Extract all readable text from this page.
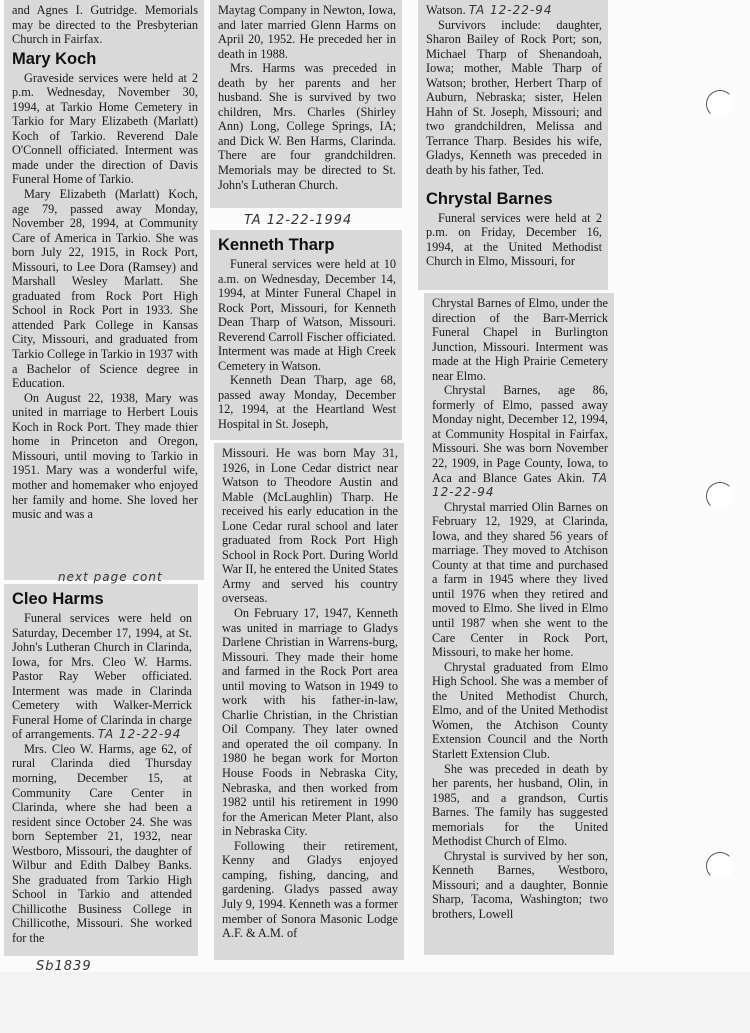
and Agnes I. Gutridge. Memorials may be directed to the Presbyterian Church in Fairfax.

Mary Koch

Graveside services were held at 2 p.m. Wednesday, November 30, 1994, at Tarkio Home Cemetery in Tarkio for Mary Elizabeth (Marlatt) Koch of Tarkio. Reverend Dale O'Connell officiated. Interment was made under the direction of Davis Funeral Home of Tarkio.

Mary Elizabeth (Marlatt) Koch, age 79, passed away Monday, November 28, 1994, at Community Care of America in Tarkio. She was born July 22, 1915, in Rock Port, Missouri, to Lee Dora (Ramsey) and Marshall Wesley Marlatt. She graduated from Rock Port High School in Rock Port in 1933. She attended Park College in Kansas City, Missouri, and graduated from Tarkio College in Tarkio in 1937 with a Bachelor of Science degree in Education.

On August 22, 1938, Mary was united in marriage to Herbert Louis Koch in Rock Port. They made thier home in Princeton and Oregon, Missouri, until moving to Tarkio in 1951. Mary was a wonderful wife, mother and homemaker who enjoyed her family and home. She loved her music and was a

next page cont
Cleo Harms

Funeral services were held on Saturday, December 17, 1994, at St. John's Lutheran Church in Clarinda, Iowa, for Mrs. Cleo W. Harms. Pastor Ray Weber officiated. Interment was made in Clarinda Cemetery with Walker-Merrick Funeral Home of Clarinda in charge of arrangements. TA 12-22-94

Mrs. Cleo W. Harms, age 62, of rural Clarinda died Thursday morning, December 15, at Community Care Center in Clarinda, where she had been a resident since October 24. She was born September 21, 1932, near Westboro, Missouri, the daughter of Wilbur and Edith Dalbey Banks. She graduated from Tarkio High School in Tarkio and attended Chillicothe Business College in Chillicothe, Missouri. She worked for the

Sb1839

Maytag Company in Newton, Iowa, and later married Glenn Harms on April 20, 1952. He preceded her in death in 1988.

Mrs. Harms was preceded in death by her parents and her husband. She is survived by two children, Mrs. Charles (Shirley Ann) Long, College Springs, IA; and Dick W. Ben Harms, Clarinda. There are four grandchildren. Memorials may be directed to St. John's Lutheran Church.

TA 12-22-1994
Kenneth Tharp

Funeral services were held at 10 a.m. on Wednesday, December 14, 1994, at Minter Funeral Chapel in Rock Port, Missouri, for Kenneth Dean Tharp of Watson, Missouri. Reverend Carroll Fischer officiated. Interment was made at High Creek Cemetery in Watson.

Kenneth Dean Tharp, age 68, passed away Monday, December 12, 1994, at the Heartland West Hospital in St. Joseph,

Missouri. He was born May 31, 1926, in Lone Cedar district near Watson to Theodore Austin and Mable (McLaughlin) Tharp. He received his early education in the Lone Cedar rural school and later graduated from Rock Port High School in Rock Port. During World War II, he entered the United States Army and served his country overseas.

On February 17, 1947, Kenneth was united in marriage to Gladys Darlene Christian in Warrens-burg, Missouri. They made their home and farmed in the Rock Port area until moving to Watson in 1949 to work with his father-in-law, Charlie Christian, in the Christian Oil Company. They later owned and operated the oil company. In 1980 he began work for Morton House Foods in Nebraska City, Nebraska, and then worked from 1982 until his retirement in 1990 for the American Meter Plant, also in Nebraska City.

Following their retirement, Kenny and Gladys enjoyed camping, fishing, dancing, and gardening. Gladys passed away July 9, 1994. Kenneth was a former member of Sonora Masonic Lodge A.F. & A.M. of

Watson. TA 12-22-94

Survivors include: daughter, Sharon Bailey of Rock Port; son, Michael Tharp of Shenandoah, Iowa; mother, Mable Tharp of Watson; brother, Herbert Tharp of Auburn, Nebraska; sister, Helen Hahn of St. Joseph, Missouri; and two grandchildren, Melissa and Terrance Tharp. Besides his wife, Gladys, Kenneth was preceded in death by his father, Ted.

Chrystal Barnes

Funeral services were held at 2 p.m. on Friday, December 16, 1994, at the United Methodist Church in Elmo, Missouri, for

Chrystal Barnes of Elmo, under the direction of the Barr-Merrick Funeral Chapel in Burlington Junction, Missouri. Interment was made at the High Prairie Cemetery near Elmo.

Chrystal Barnes, age 86, formerly of Elmo, passed away Monday night, December 12, 1994, at Community Hospital in Fairfax, Missouri. She was born November 22, 1909, in Page County, Iowa, to Aca and Blance Gates Akin. TA 12-22-94

Chrystal married Olin Barnes on February 12, 1929, at Clarinda, Iowa, and they shared 56 years of marriage. They moved to Atchison County at that time and purchased a farm in 1945 where they lived until 1976 when they retired and moved to Elmo. She lived in Elmo until 1987 when she went to the Care Center in Rock Port, Missouri, to make her home.

Chrystal graduated from Elmo High School. She was a member of the United Methodist Church, Elmo, and of the United Methodist Women, the Atchison County Extension Council and the North Starlett Extension Club.

She was preceded in death by her parents, her husband, Olin, in 1985, and a grandson, Curtis Barnes. The family has suggested memorials for the United Methodist Church of Elmo.

Chrystal is survived by her son, Kenneth Barnes, Westboro, Missouri; and a daughter, Bonnie Sharp, Tacoma, Washington; two brothers, Lowell
